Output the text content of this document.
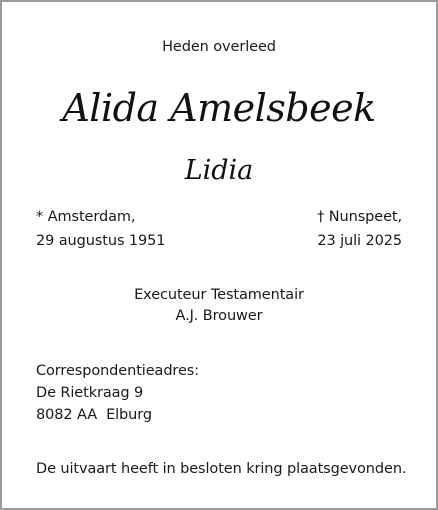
Heden overleed
Alida Amelsbeek
Lidia
* Amsterdam,
29 augustus 1951
† Nunspeet,
23 juli 2025
Executeur Testamentair
A.J. Brouwer
Correspondentieadres:
De Rietkraag 9
8082 AA  Elburg
De uitvaart heeft in besloten kring plaatsgevonden.
